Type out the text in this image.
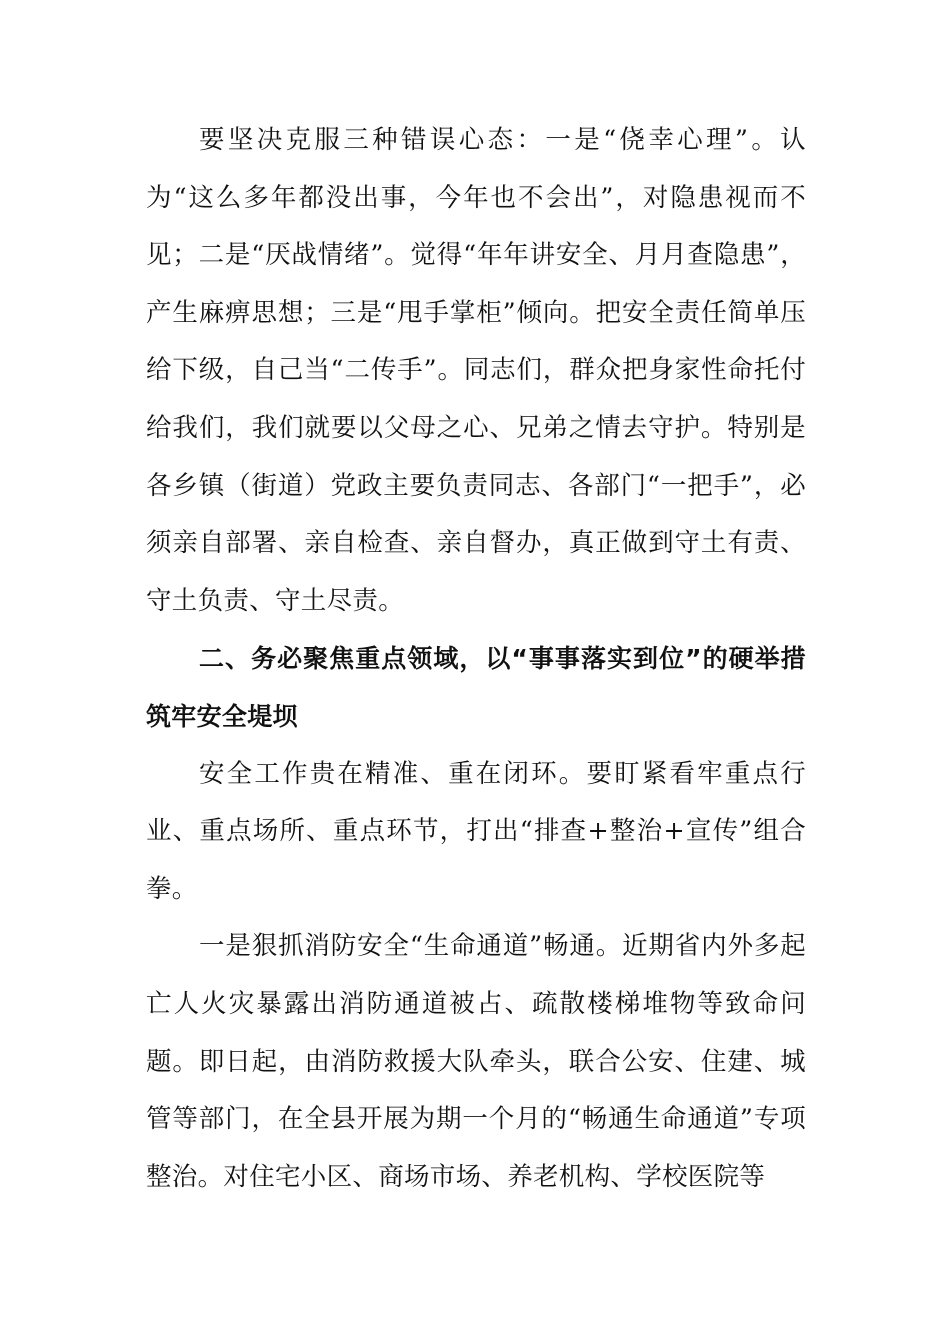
要坚决克服三种错误心态：一是“侥幸心理”。认为“这么多年都没出事，今年也不会出”，对隐患视而不见；二是“厌战情绪”。觉得“年年讲安全、月月查隐患”，产生麻痹思想；三是“甩手掌柜”倾向。把安全责任简单压给下级，自己当“二传手”。同志们，群众把身家性命托付给我们，我们就要以父母之心、兄弟之情去守护。特别是各乡镇（街道）党政主要负责同志、各部门“一把手”，必须亲自部署、亲自检查、亲自督办，真正做到守土有责、守土负责、守土尽责。

二、务必聚焦重点领域，以“事事落实到位”的硬举措筑牢安全堤坝

安全工作贵在精准、重在闭环。要盯紧看牢重点行业、重点场所、重点环节，打出“排查+整治+宣传”组合拳。

一是狠抓消防安全“生命通道”畅通。近期省内外多起亡人火灾暴露出消防通道被占、疏散楼梯堆物等致命问题。即日起，由消防救援大队牵头，联合公安、住建、城管等部门，在全县开展为期一个月的“畅通生命通道”专项整治。对住宅小区、商场市场、养老机构、学校医院等
